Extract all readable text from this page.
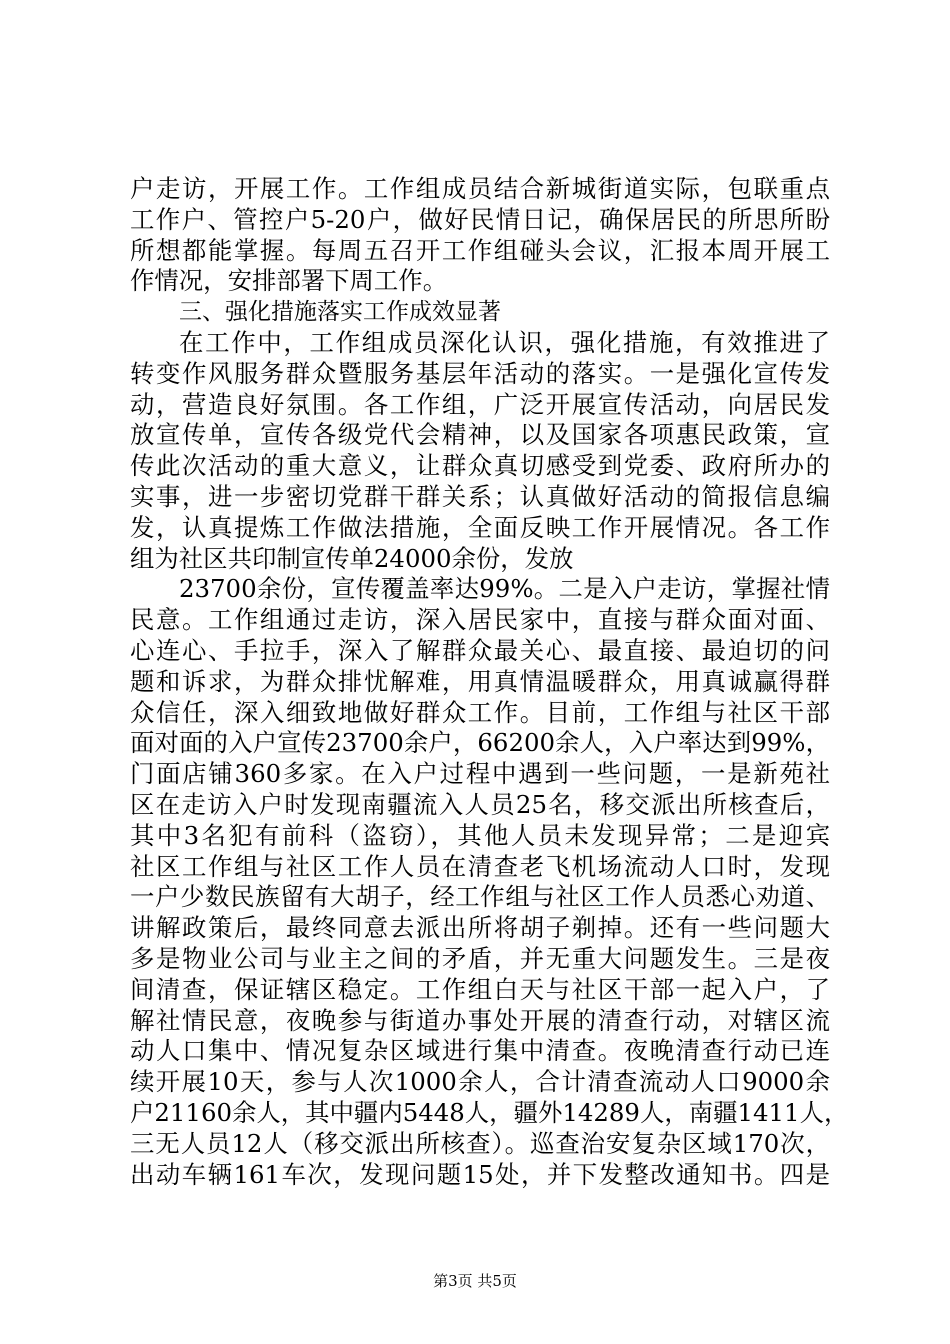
户走访，开展工作。工作组成员结合新城街道实际，包联重点
工作户、管控户5-20户，做好民情日记，确保居民的所思所盼
所想都能掌握。每周五召开工作组碰头会议，汇报本周开展工
作情况，安排部署下周工作。
三、强化措施落实工作成效显著
在工作中，工作组成员深化认识，强化措施，有效推进了
转变作风服务群众暨服务基层年活动的落实。一是强化宣传发
动，营造良好氛围。各工作组，广泛开展宣传活动，向居民发
放宣传单，宣传各级党代会精神，以及国家各项惠民政策，宣
传此次活动的重大意义，让群众真切感受到党委、政府所办的
实事，进一步密切党群干群关系；认真做好活动的简报信息编
发，认真提炼工作做法措施，全面反映工作开展情况。各工作
组为社区共印制宣传单24000余份，发放
23700余份，宣传覆盖率达99%。二是入户走访，掌握社情
民意。工作组通过走访，深入居民家中，直接与群众面对面、
心连心、手拉手，深入了解群众最关心、最直接、最迫切的问
题和诉求，为群众排忧解难，用真情温暖群众，用真诚赢得群
众信任，深入细致地做好群众工作。目前，工作组与社区干部
面对面的入户宣传23700余户，66200余人，入户率达到99%，
门面店铺360多家。在入户过程中遇到一些问题，一是新苑社
区在走访入户时发现南疆流入人员25名，移交派出所核查后，
其中3名犯有前科（盗窃），其他人员未发现异常；二是迎宾
社区工作组与社区工作人员在清查老飞机场流动人口时，发现
一户少数民族留有大胡子，经工作组与社区工作人员悉心劝道、
讲解政策后，最终同意去派出所将胡子剃掉。还有一些问题大
多是物业公司与业主之间的矛盾，并无重大问题发生。三是夜
间清查，保证辖区稳定。工作组白天与社区干部一起入户，了
解社情民意，夜晚参与街道办事处开展的清查行动，对辖区流
动人口集中、情况复杂区域进行集中清查。夜晚清查行动已连
续开展10天，参与人次1000余人，合计清查流动人口9000余
户21160余人，其中疆内5448人，疆外14289人，南疆1411人，
三无人员12人（移交派出所核查）。巡查治安复杂区域170次，
出动车辆161车次，发现问题15处，并下发整改通知书。四是
第3页 共5页
